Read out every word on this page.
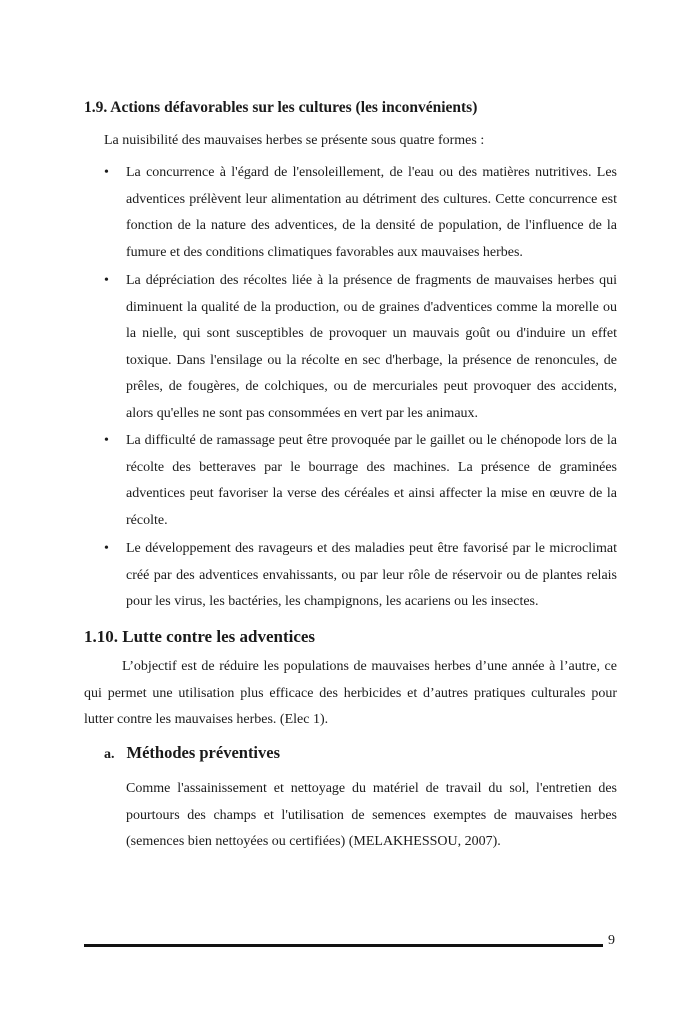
1.9. Actions défavorables sur les cultures (les inconvénients)

La nuisibilité des mauvaises herbes se présente sous quatre formes :

• La concurrence à l'égard de l'ensoleillement, de l'eau ou des matières nutritives. Les adventices prélèvent leur alimentation au détriment des cultures. Cette concurrence est fonction de la nature des adventices, de la densité de population, de l'influence de la fumure et des conditions climatiques favorables aux mauvaises herbes.
• La dépréciation des récoltes liée à la présence de fragments de mauvaises herbes qui diminuent la qualité de la production, ou de graines d'adventices comme la morelle ou la nielle, qui sont susceptibles de provoquer un mauvais goût ou d'induire un effet toxique. Dans l'ensilage ou la récolte en sec d'herbage, la présence de renoncules, de prêles, de fougères, de colchiques, ou de mercuriales peut provoquer des accidents, alors qu'elles ne sont pas consommées en vert par les animaux.
• La difficulté de ramassage peut être provoquée par le gaillet ou le chénopode lors de la récolte des betteraves par le bourrage des machines. La présence de graminées adventices peut favoriser la verse des céréales et ainsi affecter la mise en œuvre de la récolte.
• Le développement des ravageurs et des maladies peut être favorisé par le microclimat créé par des adventices envahissants, ou par leur rôle de réservoir ou de plantes relais pour les virus, les bactéries, les champignons, les acariens ou les insectes.
1.10. Lutte contre les adventices

L’objectif est de réduire les populations de mauvaises herbes d’une année à l’autre, ce qui permet une utilisation plus efficace des herbicides et d’autres pratiques culturales pour lutter contre les mauvaises herbes. (Elec 1).

a. Méthodes préventives

Comme l'assainissement et nettoyage du matériel de travail du sol, l'entretien des pourtours des champs et l'utilisation de semences exemptes de mauvaises herbes (semences bien nettoyées ou certifiées) (MELAKHESSOU, 2007).

9
